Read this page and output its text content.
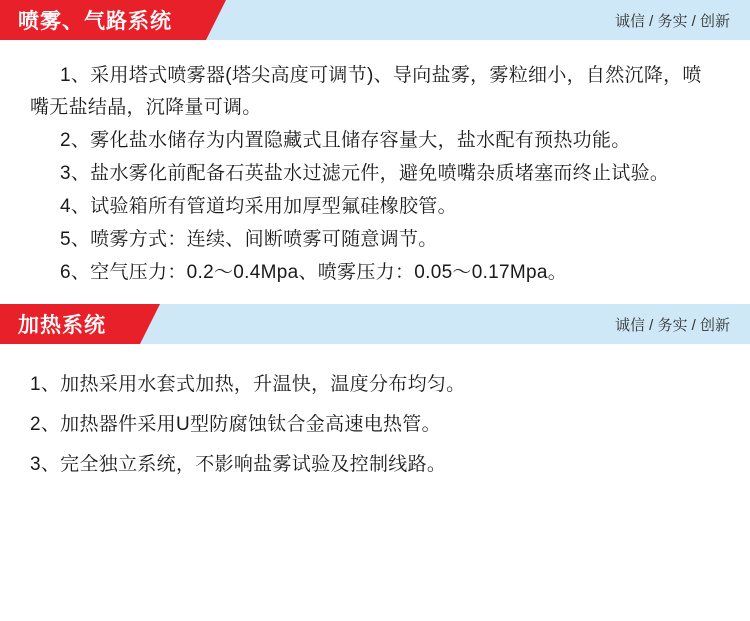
喷雾、气路系统	诚信 / 务实 / 创新

1、采用塔式喷雾器(塔尖高度可调节)、导向盐雾，雾粒细小，自然沉降，喷嘴无盐结晶，沉降量可调。

2、雾化盐水储存为内置隐藏式且储存容量大，盐水配有预热功能。

3、盐水雾化前配备石英盐水过滤元件，避免喷嘴杂质堵塞而终止试验。

4、试验箱所有管道均采用加厚型氟硅橡胶管。

5、喷雾方式：连续、间断喷雾可随意调节。

6、空气压力：0.2～0.4Mpa、喷雾压力：0.05～0.17Mpa。

加热系统	诚信 / 务实 / 创新

1、加热采用水套式加热，升温快，温度分布均匀。

2、加热器件采用U型防腐蚀钛合金高速电热管。

3、完全独立系统，不影响盐雾试验及控制线路。
